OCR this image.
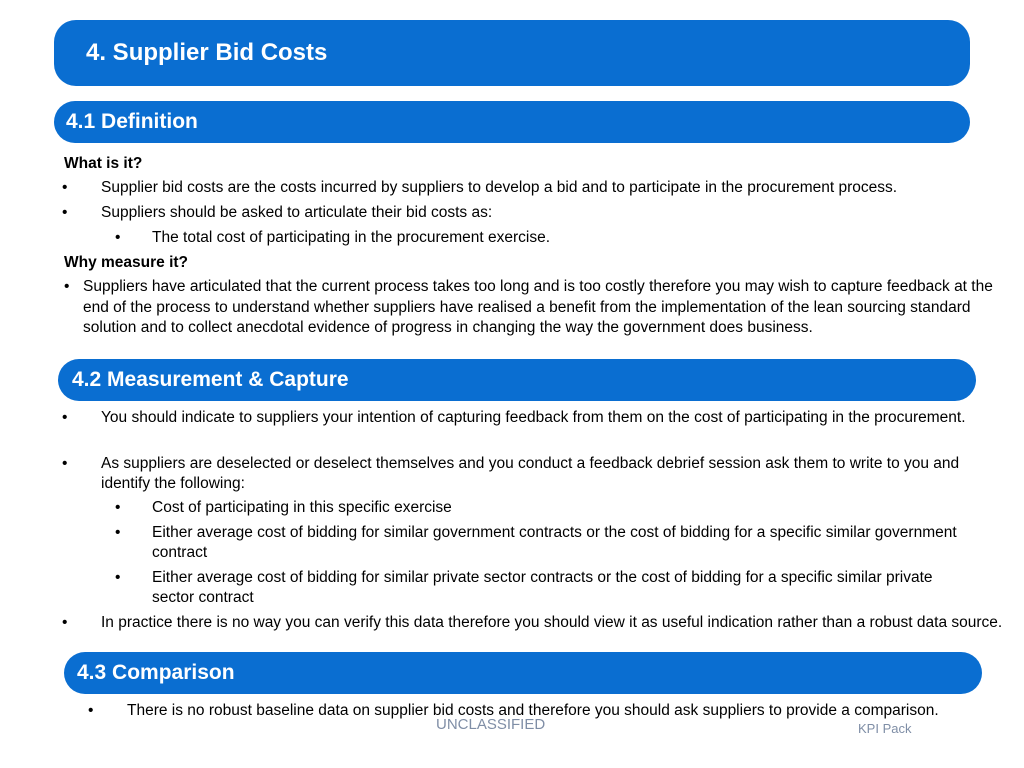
4. Supplier Bid Costs
4.1 Definition
What is it?
• Supplier bid costs are the costs incurred by suppliers to develop a bid and to participate in the procurement process.
• Suppliers should be asked to articulate their bid costs as:
• The total cost of participating in the procurement exercise.
Why measure it?
• Suppliers have articulated that the current process takes too long and is too costly therefore you may wish to capture feedback at the end of the process to understand whether suppliers have realised a benefit from the implementation of the lean sourcing standard solution and to collect anecdotal evidence of progress in changing the way the government does business.
4.2 Measurement & Capture
• You should indicate to suppliers your intention of capturing feedback from them on the cost of participating in the procurement.
• As suppliers are deselected or deselect themselves and you conduct a feedback debrief session ask them to write to you and identify the following:
• Cost of participating in this specific exercise
• Either average cost of bidding for similar government contracts or the cost of bidding for a specific similar government contract
• Either average cost of bidding for similar private sector contracts or the cost of bidding for a specific similar private sector contract
• In practice there is no way you can verify this data therefore you should view it as useful indication rather than a robust data source.
4.3 Comparison
• There is no robust baseline data on supplier bid costs and therefore you should ask suppliers to provide a comparison.
UNCLASSIFIED	KPI Pack
